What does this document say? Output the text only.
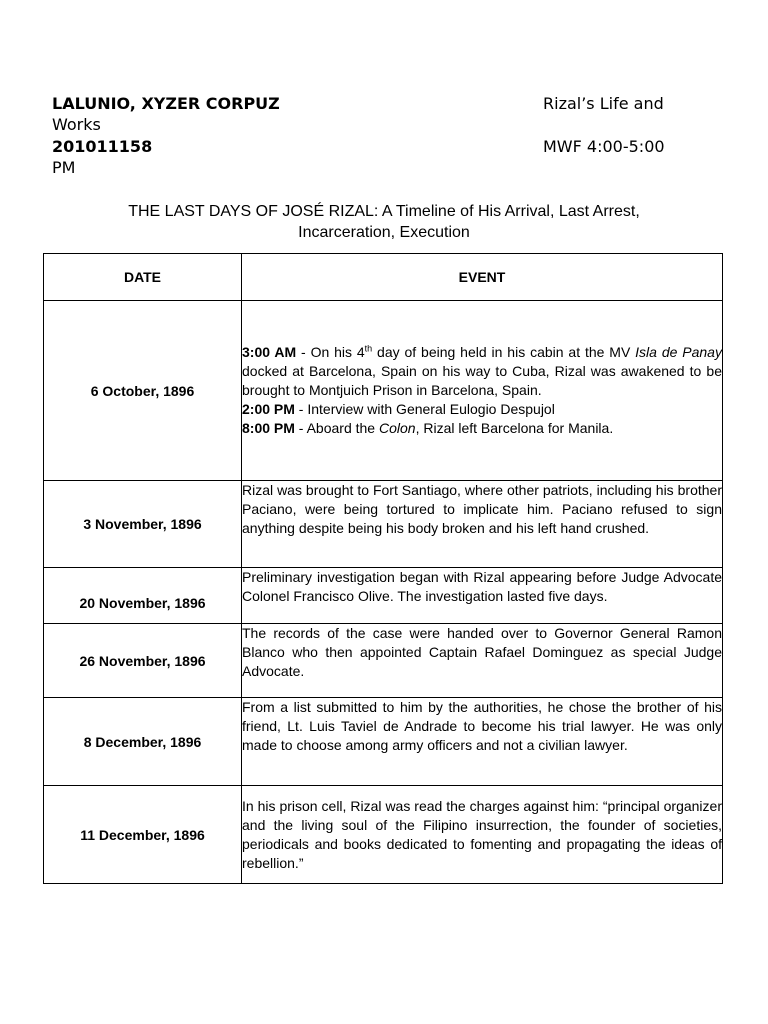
LALUNIO, XYZER CORPUZ	Rizal’s Life and
Works
201011158	MWF 4:00-5:00
PM
THE LAST DAYS OF JOSÉ RIZAL: A Timeline of His Arrival, Last Arrest,
Incarceration, Execution
DATE	EVENT
6 October, 1896	3:00 AM - On his 4th day of being held in his cabin at the MV Isla de Panay docked at Barcelona, Spain on his way to Cuba, Rizal was awakened to be brought to Montjuich Prison in Barcelona, Spain.
2:00 PM - Interview with General Eulogio Despujol
8:00 PM - Aboard the Colon, Rizal left Barcelona for Manila.

3 November, 1896	Rizal was brought to Fort Santiago, where other patriots, including his brother Paciano, were being tortured to implicate him. Paciano refused to sign anything despite being his body broken and his left hand crushed.
20 November, 1896	Preliminary investigation began with Rizal appearing before Judge Advocate Colonel Francisco Olive. The investigation lasted five days.
26 November, 1896	The records of the case were handed over to Governor General Ramon Blanco who then appointed Captain Rafael Dominguez as special Judge Advocate.
8 December, 1896	From a list submitted to him by the authorities, he chose the brother of his friend, Lt. Luis Taviel de Andrade to become his trial lawyer. He was only made to choose among army officers and not a civilian lawyer.
11 December, 1896	In his prison cell, Rizal was read the charges against him: “principal organizer and the living soul of the Filipino insurrection, the founder of societies, periodicals and books dedicated to fomenting and propagating the ideas of rebellion.”
